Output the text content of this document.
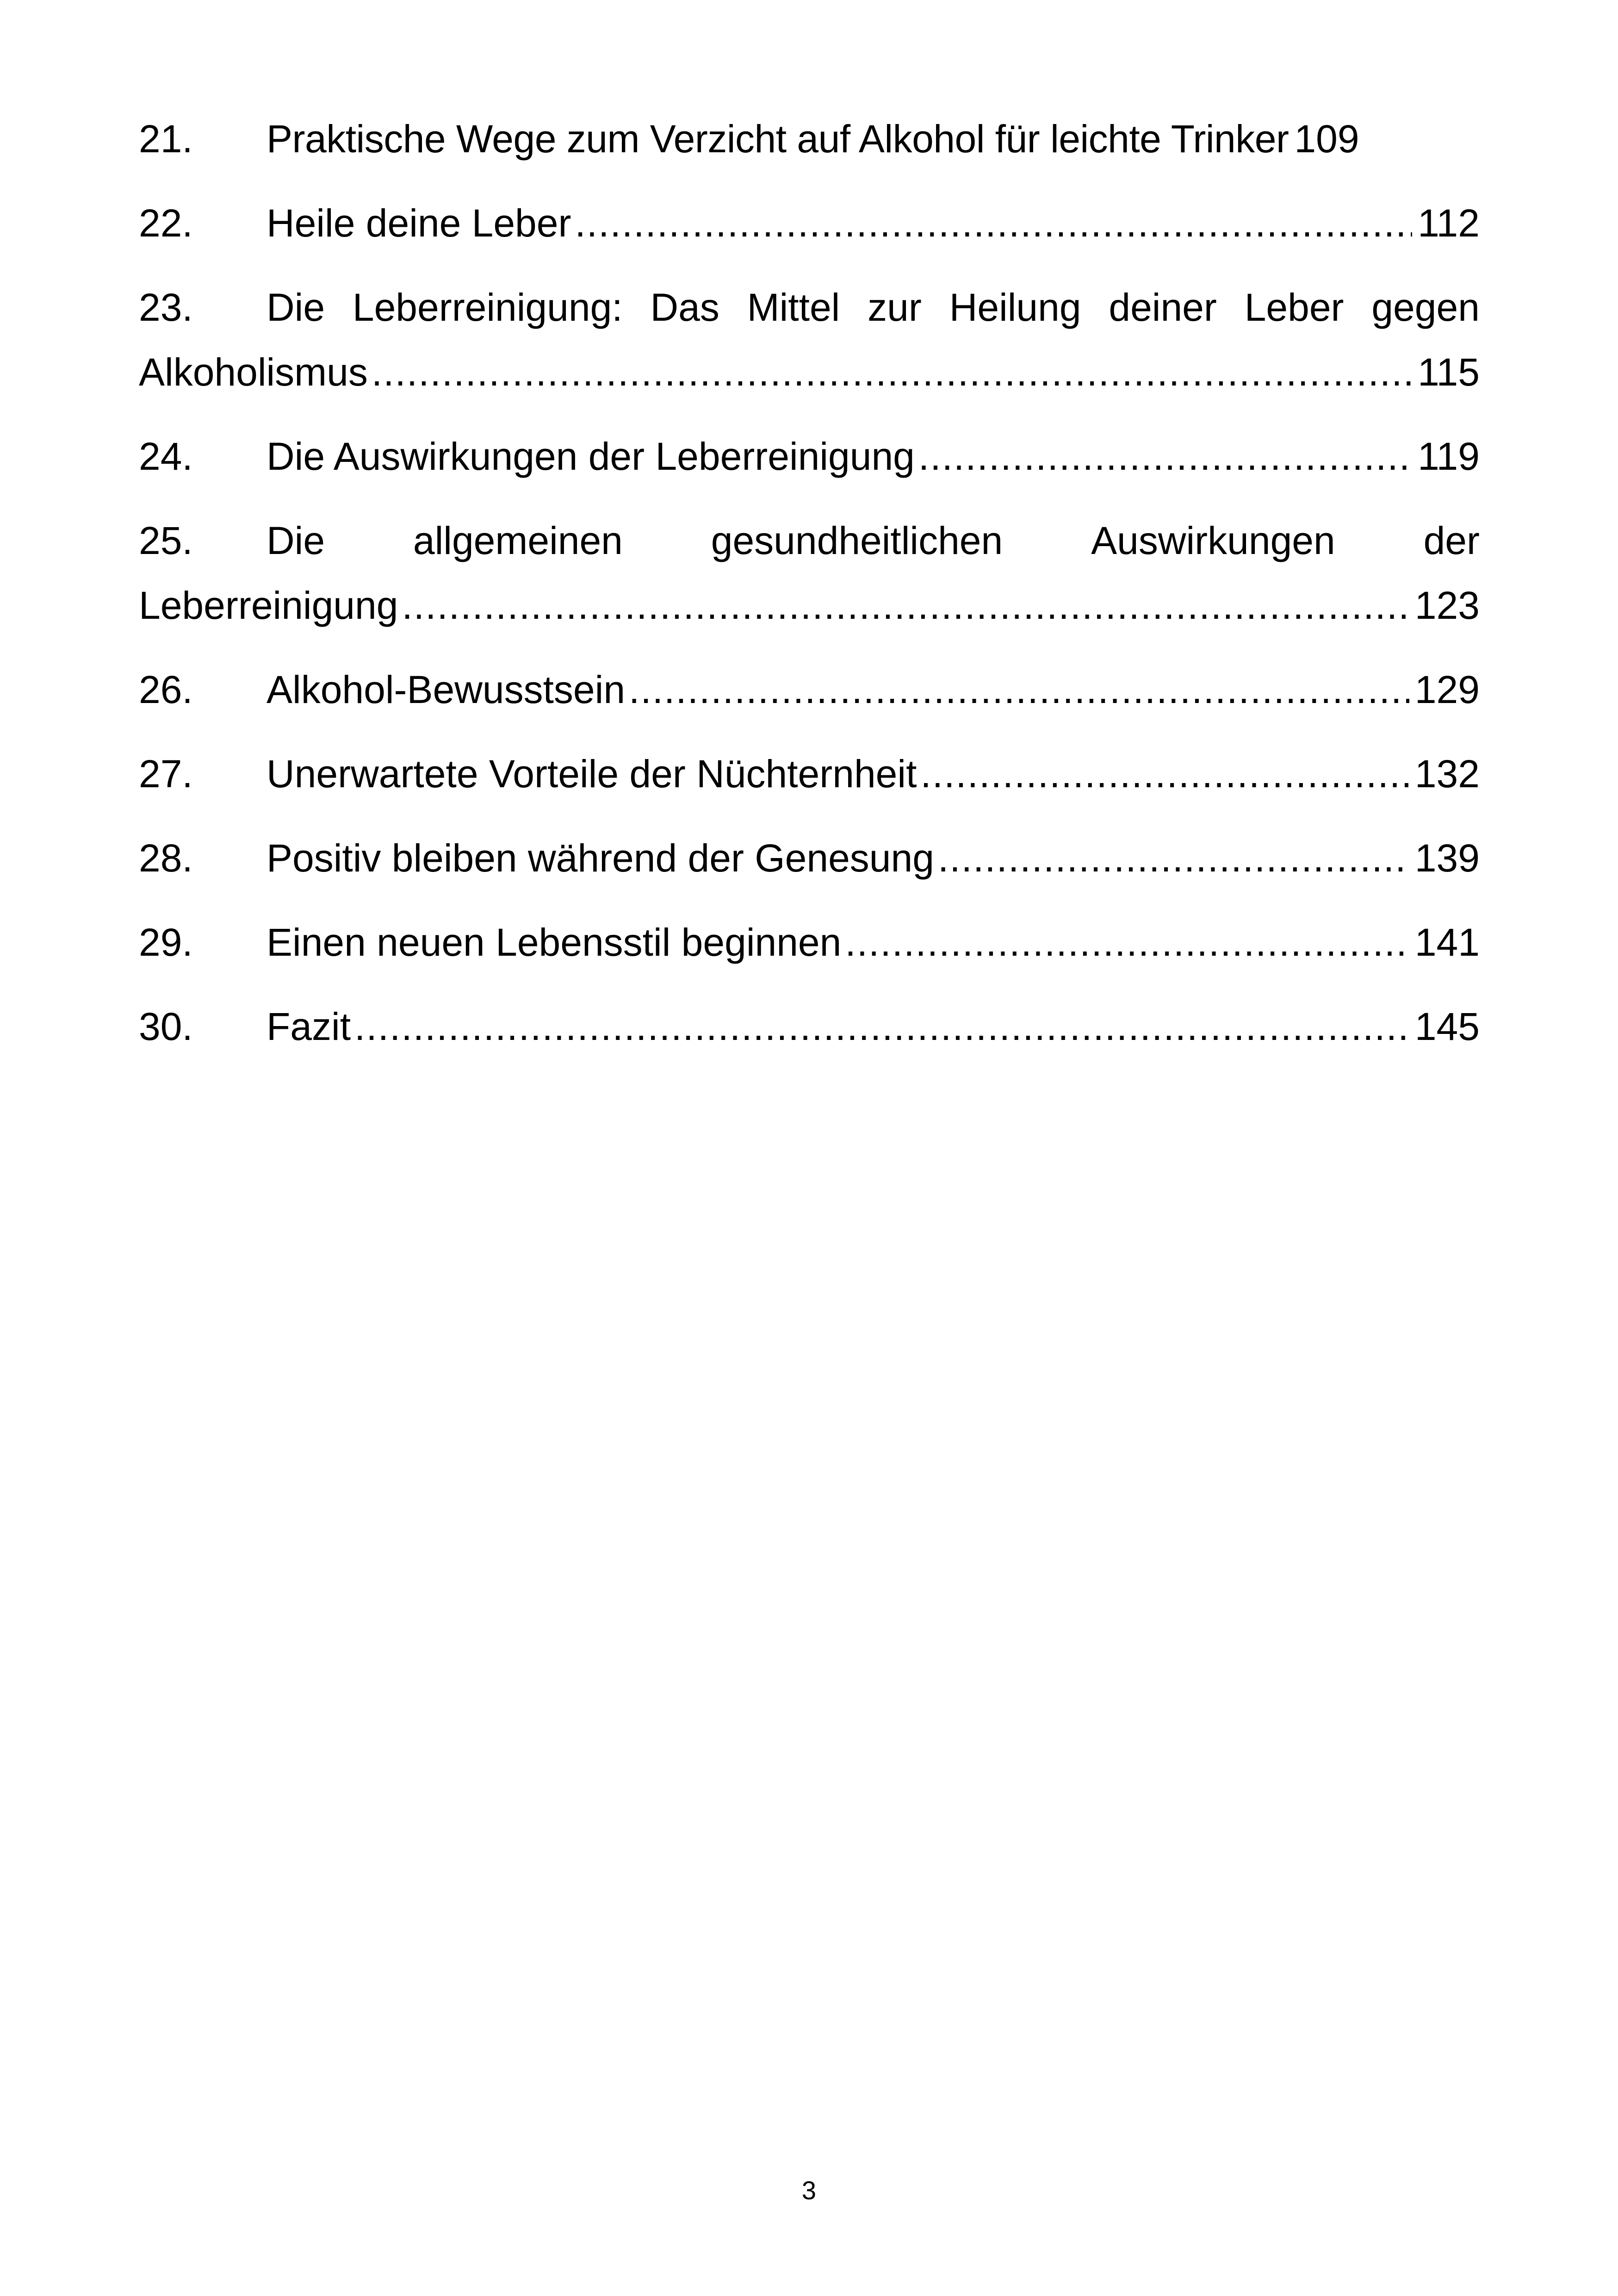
21.	Praktische Wege zum Verzicht auf Alkohol für leichte Trinker 109
22.	Heile deine Leber .....	112
23.	Die Leberreinigung: Das Mittel zur Heilung deiner Leber gegen
Alkoholismus .....	115
24.	Die Auswirkungen der Leberreinigung .....	119
25.	Die allgemeinen gesundheitlichen Auswirkungen der
Leberreinigung .....	123
26.	Alkohol-Bewusstsein .....	129
27.	Unerwartete Vorteile der Nüchternheit .....	132
28.	Positiv bleiben während der Genesung .....	139
29.	Einen neuen Lebensstil beginnen .....	141
30.	Fazit .....	145
3
